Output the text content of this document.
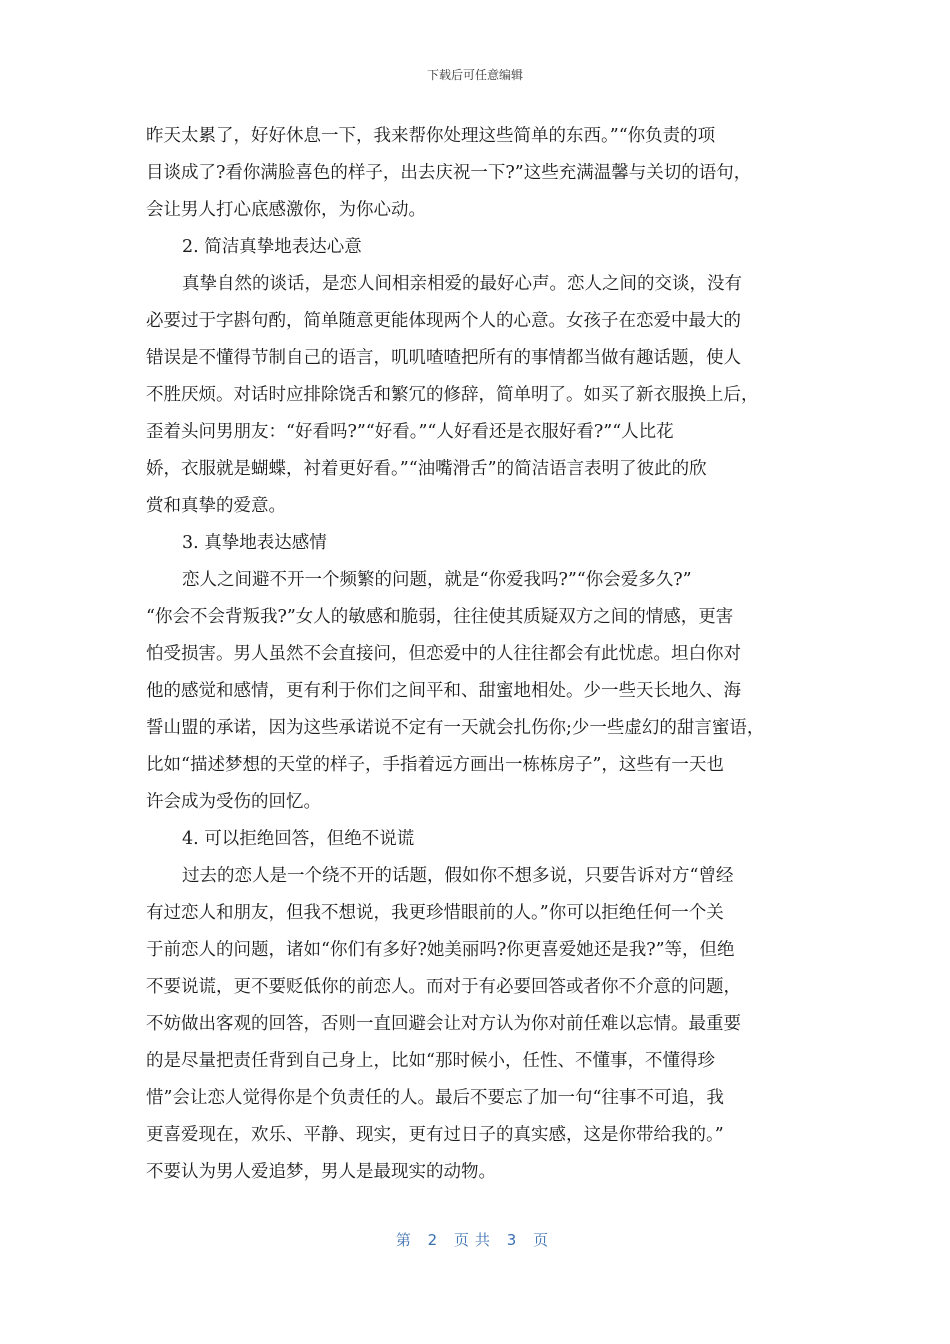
下载后可任意编辑
昨天太累了，好好休息一下，我来帮你处理这些简单的东西。”“你负责的项
目谈成了?看你满脸喜色的样子，出去庆祝一下?”这些充满温馨与关切的语句，
会让男人打心底感激你，为你心动。
2. 简洁真挚地表达心意
真挚自然的谈话，是恋人间相亲相爱的最好心声。恋人之间的交谈，没有
必要过于字斟句酌，简单随意更能体现两个人的心意。女孩子在恋爱中最大的
错误是不懂得节制自己的语言，叽叽喳喳把所有的事情都当做有趣话题，使人
不胜厌烦。对话时应排除饶舌和繁冗的修辞，简单明了。如买了新衣服换上后，
歪着头问男朋友：“好看吗?”“好看。”“人好看还是衣服好看?”“人比花
娇，衣服就是蝴蝶，衬着更好看。”“油嘴滑舌”的简洁语言表明了彼此的欣
赏和真挚的爱意。
3. 真挚地表达感情
恋人之间避不开一个频繁的问题，就是“你爱我吗?”“你会爱多久?”
“你会不会背叛我?”女人的敏感和脆弱，往往使其质疑双方之间的情感，更害
怕受损害。男人虽然不会直接问，但恋爱中的人往往都会有此忧虑。坦白你对
他的感觉和感情，更有利于你们之间平和、甜蜜地相处。少一些天长地久、海
誓山盟的承诺，因为这些承诺说不定有一天就会扎伤你;少一些虚幻的甜言蜜语，
比如“描述梦想的天堂的样子，手指着远方画出一栋栋房子”，这些有一天也
许会成为受伤的回忆。
4. 可以拒绝回答，但绝不说谎
过去的恋人是一个绕不开的话题，假如你不想多说，只要告诉对方“曾经
有过恋人和朋友，但我不想说，我更珍惜眼前的人。”你可以拒绝任何一个关
于前恋人的问题，诸如“你们有多好?她美丽吗?你更喜爱她还是我?”等，但绝
不要说谎，更不要贬低你的前恋人。而对于有必要回答或者你不介意的问题，
不妨做出客观的回答，否则一直回避会让对方认为你对前任难以忘情。最重要
的是尽量把责任背到自己身上，比如“那时候小，任性、不懂事，不懂得珍
惜”会让恋人觉得你是个负责任的人。最后不要忘了加一句“往事不可追，我
更喜爱现在，欢乐、平静、现实，更有过日子的真实感，这是你带给我的。”
不要认为男人爱追梦，男人是最现实的动物。
第 2 页共 3 页
